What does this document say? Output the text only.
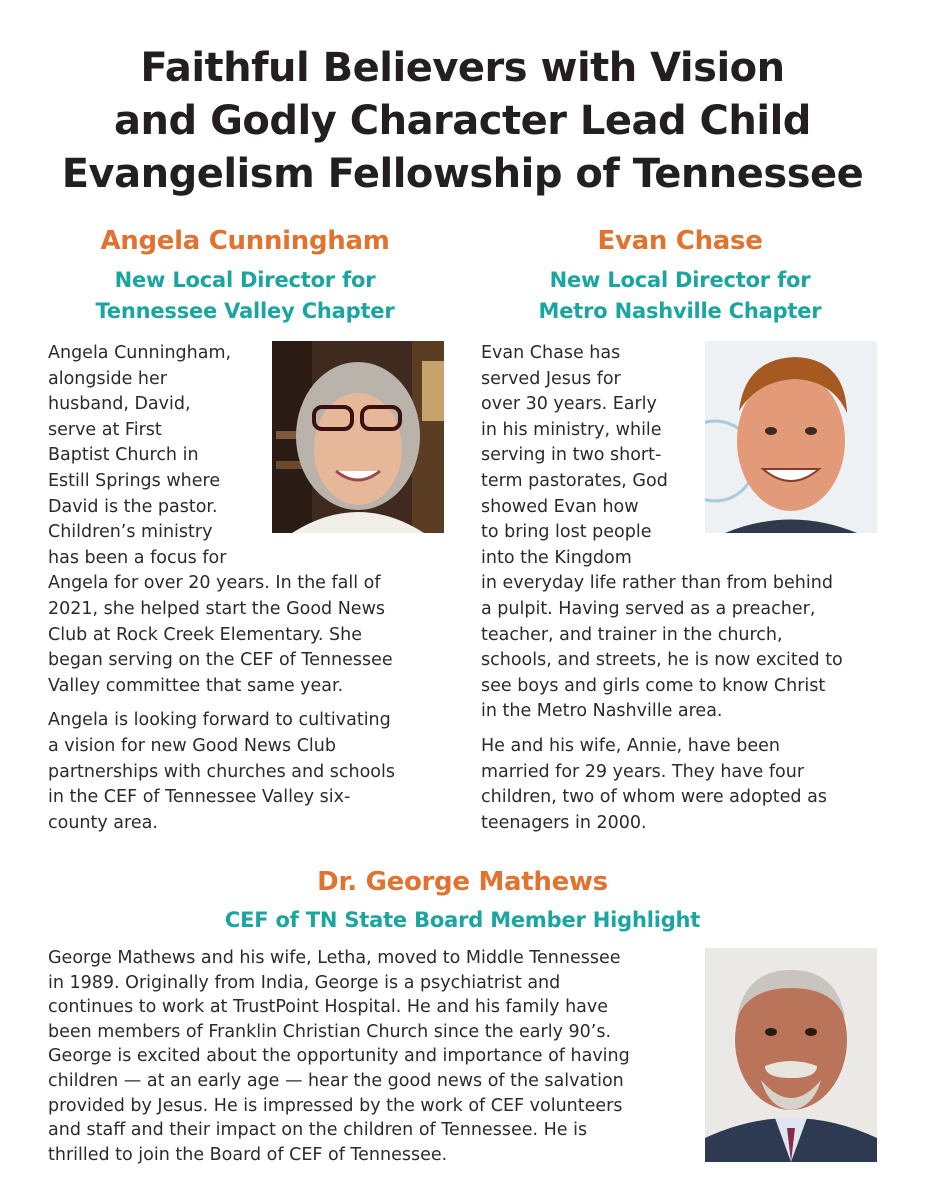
Faithful Believers with Vision
and Godly Character Lead Child
Evangelism Fellowship of Tennessee
Angela Cunningham
New Local Director for
Tennessee Valley Chapter

Angela Cunningham,
alongside her
husband, David,
serve at First
Baptist Church in
Estill Springs where
David is the pastor.
Children’s ministry
has been a focus for
Angela for over 20 years. In the fall of
2021, she helped start the Good News
Club at Rock Creek Elementary. She
began serving on the CEF of Tennessee
Valley committee that same year.

Angela is looking forward to cultivating
a vision for new Good News Club
partnerships with churches and schools
in the CEF of Tennessee Valley six-
county area.

Evan Chase
New Local Director for
Metro Nashville Chapter

Evan Chase has
served Jesus for
over 30 years. Early
in his ministry, while
serving in two short-
term pastorates, God
showed Evan how
to bring lost people
into the Kingdom
in everyday life rather than from behind
a pulpit. Having served as a preacher,
teacher, and trainer in the church,
schools, and streets, he is now excited to
see boys and girls come to know Christ
in the Metro Nashville area.

He and his wife, Annie, have been
married for 29 years. They have four
children, two of whom were adopted as
teenagers in 2000.

Dr. George Mathews
CEF of TN State Board Member Highlight

George Mathews and his wife, Letha, moved to Middle Tennessee
in 1989. Originally from India, George is a psychiatrist and
continues to work at TrustPoint Hospital. He and his family have
been members of Franklin Christian Church since the early 90’s.
George is excited about the opportunity and importance of having
children — at an early age — hear the good news of the salvation
provided by Jesus. He is impressed by the work of CEF volunteers
and staff and their impact on the children of Tennessee. He is
thrilled to join the Board of CEF of Tennessee.
